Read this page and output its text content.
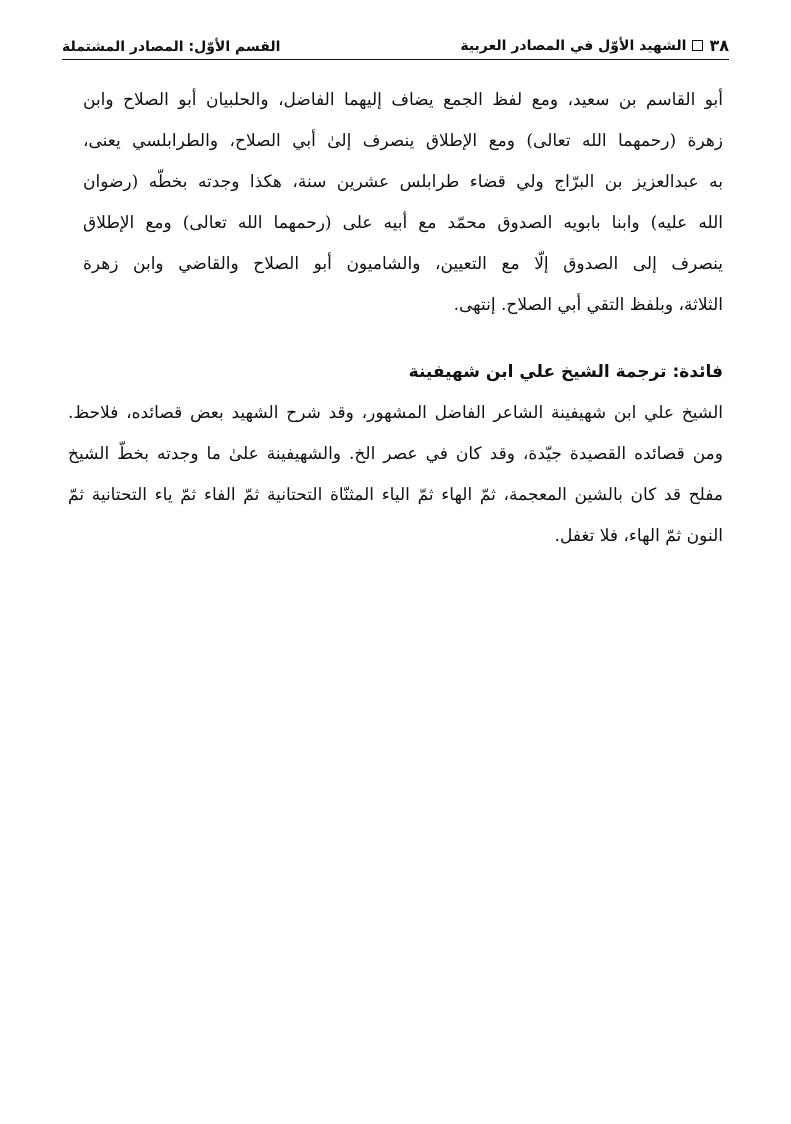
٣٨
الشهيد الأوّل في المصادر العربية
القسم الأوّل: المصادر المشتملة
أبو القاسم بن سعيد، ومع لفظ الجمع يضاف إليهما الفاضل، والحلبيان أبو الصلاح وابن
زهرة (رحمهما الله تعالى) ومع الإطلاق ينصرف إلىٰ أبي الصلاح، والطرابلسي يعنى،
به عبدالعزيز بن البرّاج ولي قضاء طرابلس عشرين سنة، هكذا وجدته بخطّه (رضوان
الله عليه) وابنا بابويه الصدوق محمّد مع أبيه على (رحمهما الله تعالى) ومع الإطلاق
ينصرف إلى الصدوق إلّا مع التعيين، والشاميون أبو الصلاح والقاضي وابن زهرة
الثلاثة، وبلفظ التقي أبي الصلاح. إنتهى.
فائدة: ترجمة الشيخ علي ابن شهيفينة
الشيخ علي ابن شهيفينة الشاعر الفاضل المشهور، وقد شرح الشهيد بعض قصائده، فلاحظ.
ومن قصائده القصيدة جيّدة، وقد كان في عصر الخ. والشهيفينة علىٰ ما وجدته بخطّ الشيخ
مفلح قد كان بالشين المعجمة، ثمّ الهاء ثمّ الياء المثنّاة التحتانية ثمّ الفاء ثمّ ياء التحتانية ثمّ
النون ثمّ الهاء، فلا تغفل.
